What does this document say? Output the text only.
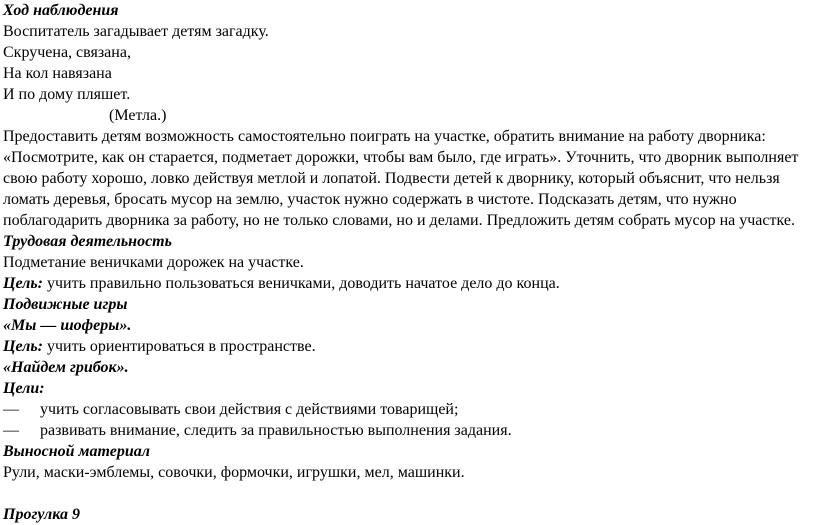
Ход наблюдения
Воспитатель загадывает детям загадку.
Скручена, связана,
На кол навязана
И по дому пляшет.
(Метла.)
Предоставить детям возможность самостоятельно поиграть на участке, обратить внимание на работу дворника:
«Посмотрите, как он старается, подметает дорожки, чтобы вам было, где играть». Уточнить, что дворник выполняет
свою работу хорошо, ловко действуя метлой и лопатой. Подвести детей к дворнику, который объяснит, что нельзя
ломать деревья, бросать мусор на землю, участок нужно содержать в чистоте. Подсказать детям, что нужно
поблагодарить дворника за работу, но не только словами, но и делами. Предложить детям собрать мусор на участке.
Трудовая деятельность
Подметание веничками дорожек на участке.
Цель: учить правильно пользоваться веничками, доводить начатое дело до конца.
Подвижные игры
«Мы — шоферы».
Цель: учить ориентироваться в пространстве.
«Найдем грибок».
Цели:
—	учить согласовывать свои действия с действиями товарищей;
—	развивать внимание, следить за правильностью выполнения задания.
Выносной материал
Рули, маски-эмблемы, совочки, формочки, игрушки, мел, машинки.
Прогулка 9
